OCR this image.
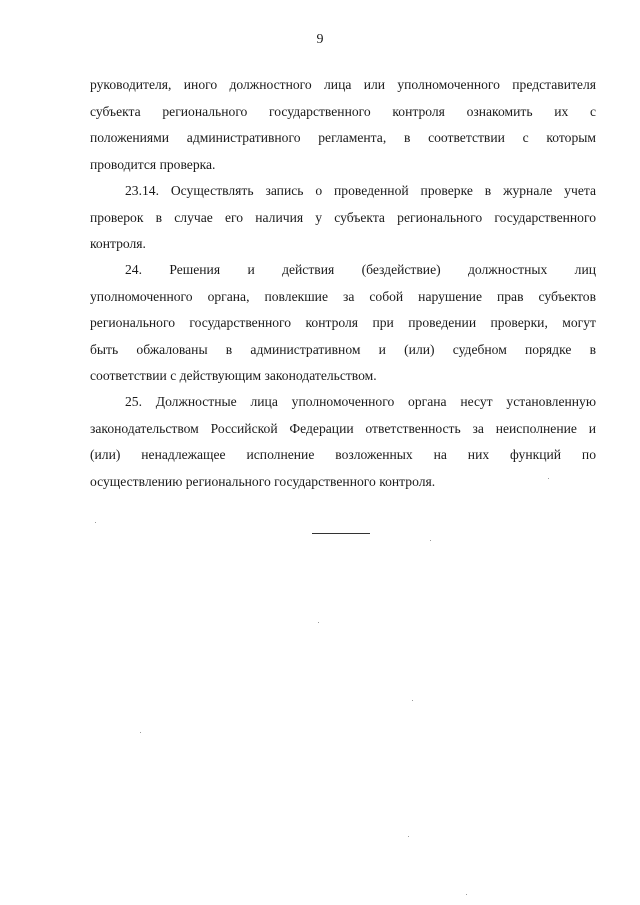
9
руководителя, иного должностного лица или уполномоченного представителя
субъекта регионального государственного контроля ознакомить их с
положениями административного регламента, в соответствии с которым
проводится проверка.
23.14. Осуществлять запись о проведенной проверке в журнале учета
проверок в случае его наличия у субъекта регионального государственного
контроля.
24. Решения и действия (бездействие) должностных лиц
уполномоченного органа, повлекшие за собой нарушение прав субъектов
регионального государственного контроля при проведении проверки, могут
быть обжалованы в административном и (или) судебном порядке в
соответствии с действующим законодательством.
25. Должностные лица уполномоченного органа несут установленную
законодательством Российской Федерации ответственность за неисполнение и
(или) ненадлежащее исполнение возложенных на них функций по
осуществлению регионального государственного контроля.
